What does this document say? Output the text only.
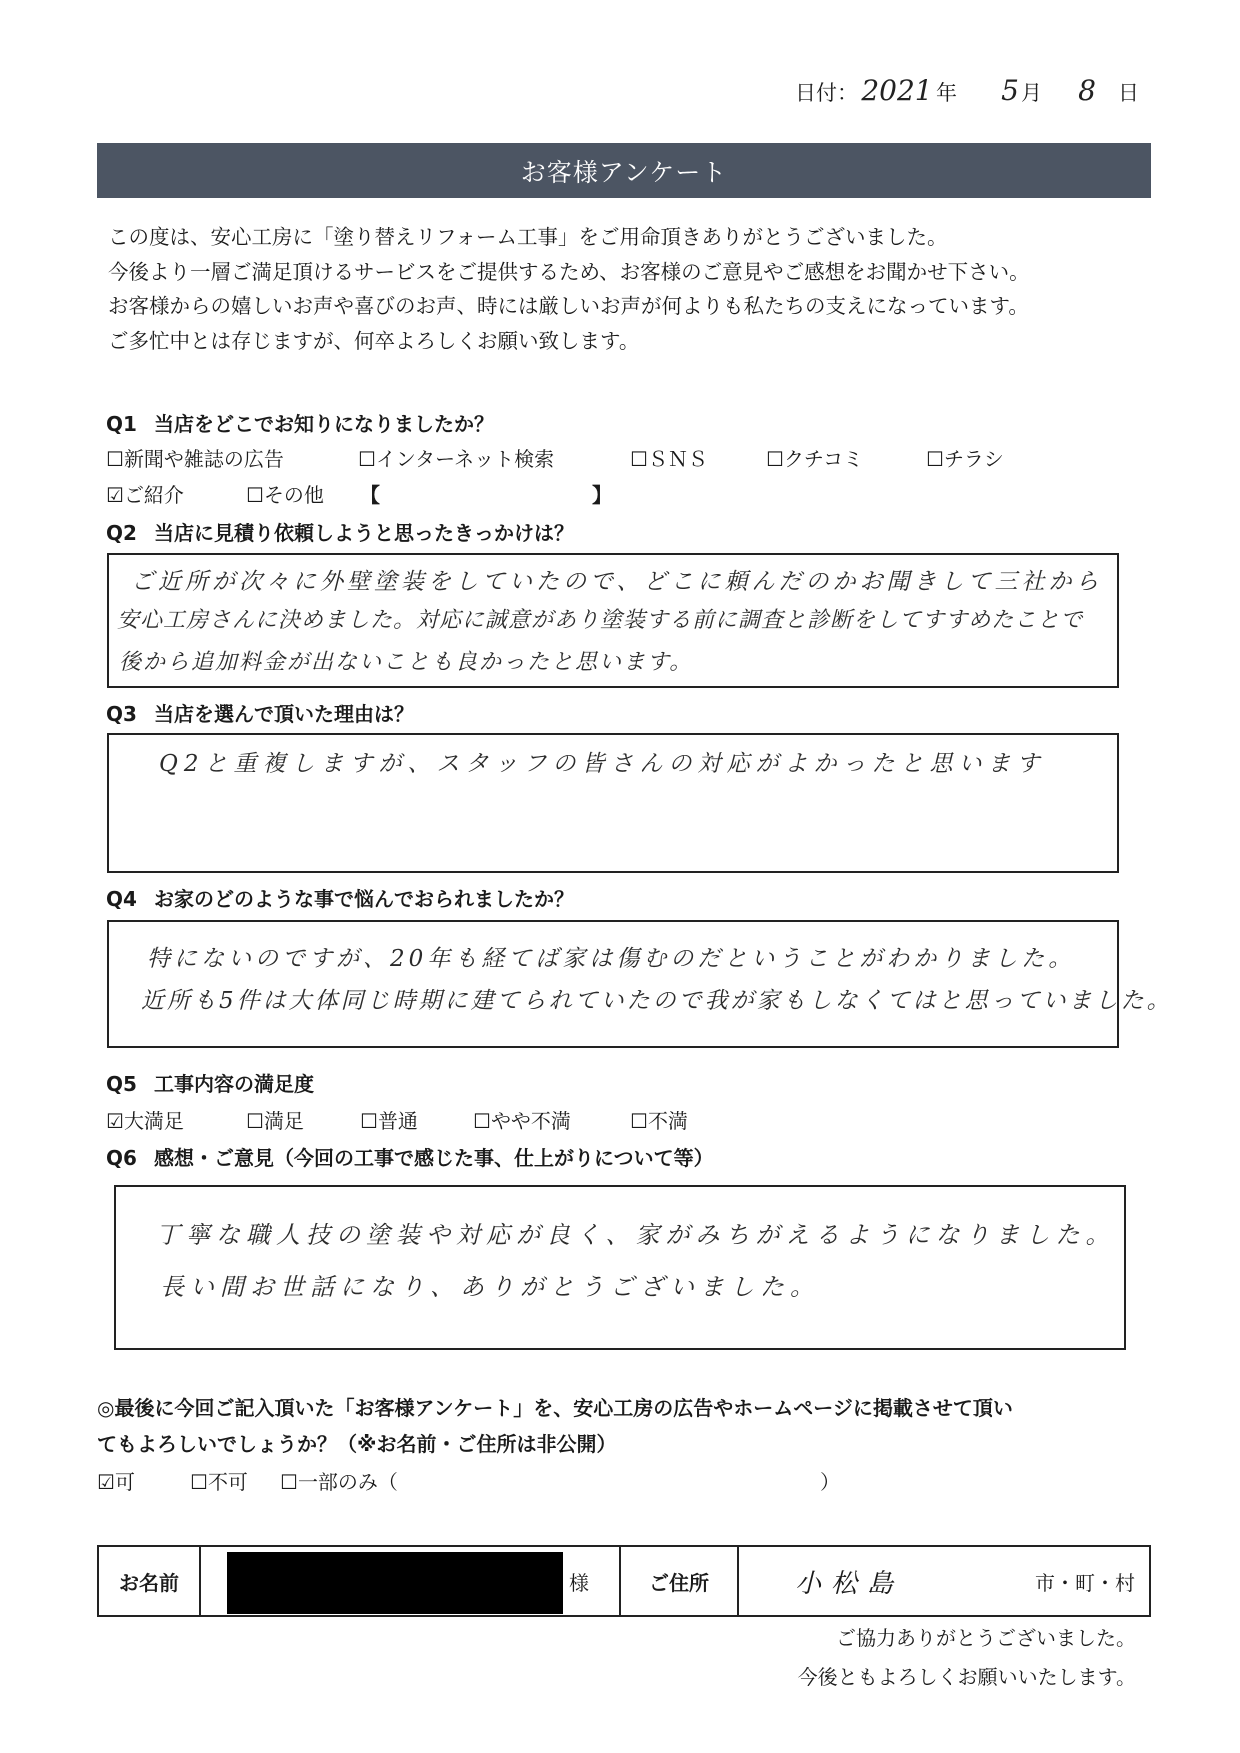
日付： 2021 年 5月 8 日
お客様アンケート
この度は、安心工房に「塗り替えリフォーム工事」をご用命頂きありがとうございました。
今後より一層ご満足頂けるサービスをご提供するため、お客様のご意見やご感想をお聞かせ下さい。
お客様からの嬉しいお声や喜びのお声、時には厳しいお声が何よりも私たちの支えになっています。
ご多忙中とは存じますが、何卒よろしくお願い致します。
Q1 当店をどこでお知りになりましたか？
☐新聞や雑誌の広告	☐インターネット検索	☐ＳＮＳ	☐クチコミ	☐チラシ
☑ご紹介	☐その他 【	】
Q2 当店に見積り依頼しようと思ったきっかけは？
ご近所が次々に外壁塗装をしていたので、どこに頼んだのかお聞きして三社から
安心工房さんに決めました。対応に誠意があり塗装する前に調査と診断をしてすすめたことで
後から追加料金が出ないことも良かったと思います。
Q3 当店を選んで頂いた理由は？
Q2と重複しますが、スタッフの皆さんの対応がよかったと思います
Q4 お家のどのような事で悩んでおられましたか？
特にないのですが、20年も経てば家は傷むのだということがわかりました。
近所も5件は大体同じ時期に建てられていたので我が家もしなくてはと思っていました。
Q5 工事内容の満足度
☑大満足	☐満足	☐普通	☐やや不満	☐不満
Q6 感想・ご意見（今回の工事で感じた事、仕上がりについて等）
丁寧な職人技の塗装や対応が良く、家がみちがえるようになりました。
長い間お世話になり、ありがとうございました。
◎最後に今回ご記入頂いた「お客様アンケート」を、安心工房の広告やホームページに掲載させて頂い
てもよろしいでしょうか？（※お名前・ご住所は非公開）
☑可	☐不可 ☐一部のみ（	）
お名前	様	ご住所	小松島	市・町・村
ご協力ありがとうございました。
今後ともよろしくお願いいたします。
